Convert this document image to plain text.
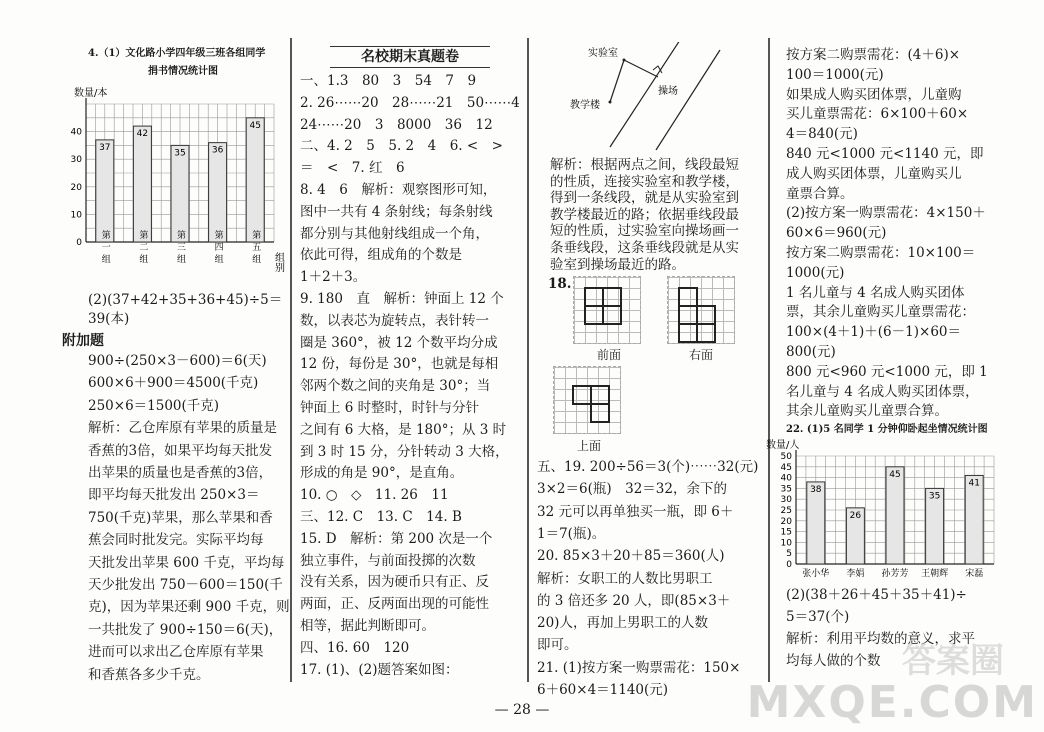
4.（1）文化路小学四年级三班各组同学
捐书情况统计图
数量/本
0
10
20
30
40
37
42
35	36
45
第一组	第二组	第三组	第四组	第五组 组别
(2)(37+42+35+36+45)÷5＝
39(本)
附加题
900÷(250×3－600)＝6(天)
600×6＋900＝4500(千克)
250×6＝1500(千克)
解析：乙仓库原有苹果的质量是
香蕉的3倍，如果平均每天批发
出苹果的质量也是香蕉的3倍，
即平均每天批发出 250×3＝
750(千克)苹果，那么苹果和香
蕉会同时批发完。实际平均每
天批发出苹果 600 千克，平均每
天少批发出 750－600＝150(千
克)，因为苹果还剩 900 千克，则
一共批发了 900÷150＝6(天)，
进而可以求出乙仓库原有苹果
和香蕉各多少千克。
名校期末真题卷
一、1.3　80　3　54　7　9
2. 26⋯⋯20　28⋯⋯21　50⋯⋯4
24⋯⋯20　3　8000　36　12
二、4. 2　5　5. 2　4　6. <　>
＝　<　7. 红　6
8. 4　6　解析：观察图形可知，
图中一共有 4 条射线；每条射线
都分别与其他射线组成一个角，
依此可得，组成角的个数是
1＋2＋3。
9. 180　直　解析：钟面上 12 个
数，以表芯为旋转点，表针转一
圈是 360°，被 12 个数平均分成
12 份，每份是 30°，也就是每相
邻两个数之间的夹角是 30°；当
钟面上 6 时整时，时针与分针
之间有 6 大格，是 180°；从 3 时
到 3 时 15 分，分针转动 3 大格，
形成的角是 90°，是直角。
10. ○　◇　11. 26　11
三、12. C　13. C　14. B
15. D　解析：第 200 次是一个
独立事件，与前面投掷的次数
没有关系，因为硬币只有正、反
两面，正、反两面出现的可能性
相等，据此判断即可。
四、16. 60　120
17. (1)、(2)题答案如图：
实验室
教学楼
操场
解析：根据两点之间，线段最短
的性质，连接实验室和教学楼，
得到一条线段，就是从实验室到
教学楼最近的路；依据垂线段最
短的性质，过实验室向操场画一
条垂线段，这条垂线段就是从实
验室到操场最近的路。
18.
前面	右面
上面
五、19. 200÷56＝3(个)⋯⋯32(元)
3×2＝6(瓶)　32＝32，余下的
32 元可以再单独买一瓶，即 6＋
1＝7(瓶)。
20. 85×3＋20＋85＝360(人)
解析：女职工的人数比男职工
的 3 倍还多 20 人，即(85×3＋
20)人，再加上男职工的人数
即可。
21. (1)按方案一购票需花：150×
6＋60×4＝1140(元)
按方案二购票需花：(4＋6)×
100＝1000(元)
如果成人购买团体票，儿童购
买儿童票需花：6×100＋60×
4＝840(元)
840 元<1000 元<1140 元，即
成人购买团体票，儿童购买儿
童票合算。
(2)按方案一购票需花：4×150＋
60×6＝960(元)
按方案二购票需花：10×100＝
1000(元)
1 名儿童与 4 名成人购买团体
票，其余儿童购买儿童票需花：
100×(4＋1)＋(6－1)×60＝
800(元)
800 元<960 元<1000 元，即 1
名儿童与 4 名成人购买团体票，
其余儿童购买儿童票合算。
22. (1)5 名同学 1 分钟仰卧起坐情况统计图
数量/人
0
5
10
15
20
25
30
35
40
45
50
38
26
45
35
41
张小华 李娟 孙芳芳 王朝辉 宋磊
(2)(38＋26＋45＋35＋41)÷
5＝37(个)
解析：利用平均数的意义，求平
均每人做的个数
— 28 —
答案圈
MXQE.COM
